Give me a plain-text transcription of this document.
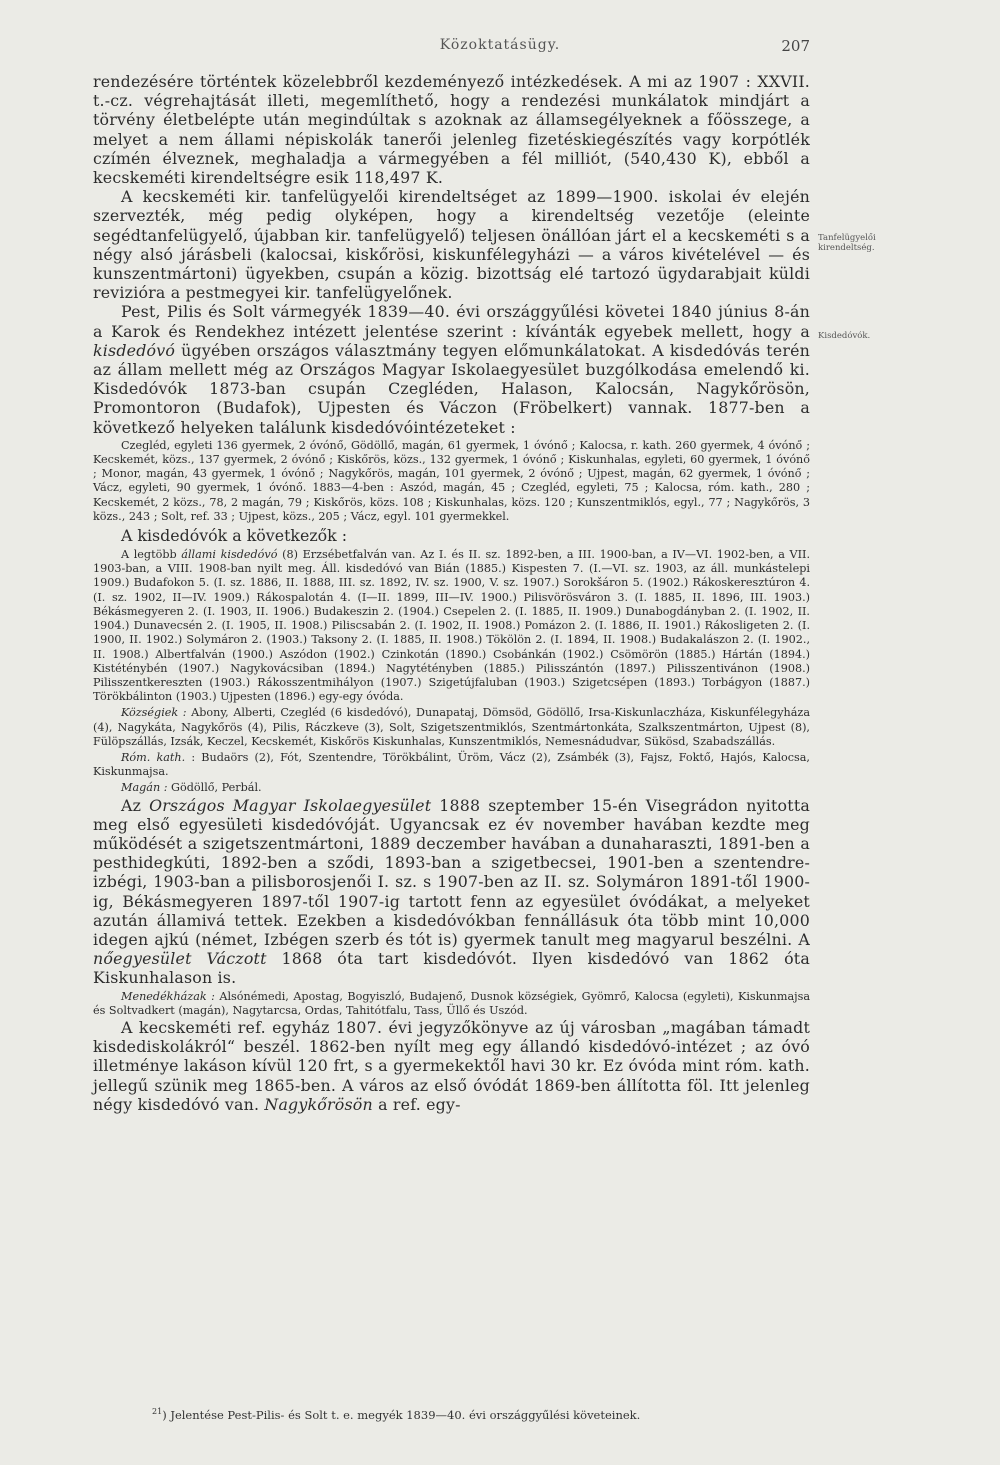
Közoktatásügy.	207
Tanfelügyelői kirendeltség.
Kisdedóvók.

rendezésére történtek közelebbről kezdeményező intézkedések. A mi az 1907 : XXVII. t.-cz. végrehajtását illeti, megemlíthető, hogy a rendezési munkálatok mindjárt a törvény életbelépte után megindúltak s azoknak az államsegélyeknek a főösszege, a melyet a nem állami népiskolák tanerői jelenleg fizetéskiegészítés vagy korpótlék czímén élveznek, meghaladja a vármegyében a fél milliót, (540,430 K), ebből a kecskeméti kirendeltségre esik 118,497 K.

A kecskeméti kir. tanfelügyelői kirendeltséget az 1899—1900. iskolai év elején szervezték, még pedig olyképen, hogy a kirendeltség vezetője (eleinte segédtanfelügyelő, újabban kir. tanfelügyelő) teljesen önállóan járt el a kecskeméti s a négy alsó járásbeli (kalocsai, kiskőrösi, kiskunfélegyházi — a város kivételével — és kunszentmártoni) ügyekben, csupán a közig. bizottság elé tartozó ügydarabjait küldi revizióra a pestmegyei kir. tanfelügyelőnek.

Pest, Pilis és Solt vármegyék 1839—40. évi országgyűlési követei 1840 június 8-án a Karok és Rendekhez intézett jelentése szerint : kívánták egyebek mellett, hogy a kisdedóvó ügyében országos választmány tegyen előmunkálatokat. A kisdedóvás terén az állam mellett még az Országos Magyar Iskolaegyesület buzgólkodása emelendő ki. Kisdedóvók 1873-ban csupán Czegléden, Halason, Kalocsán, Nagykőrösön, Promontoron (Budafok), Ujpesten és Váczon (Fröbelkert) vannak. 1877-ben a következő helyeken találunk kisdedóvóintézeteket :

Czegléd, egyleti 136 gyermek, 2 óvónő, Gödöllő, magán, 61 gyermek, 1 óvónő ; Kalocsa, r. kath. 260 gyermek, 4 óvónő ; Kecskemét, közs., 137 gyermek, 2 óvónő ; Kiskőrös, közs., 132 gyermek, 1 óvónő ; Kiskunhalas, egyleti, 60 gyermek, 1 óvónő ; Monor, magán, 43 gyermek, 1 óvónő ; Nagykőrös, magán, 101 gyermek, 2 óvónő ; Ujpest, magán, 62 gyermek, 1 óvónő ; Vácz, egyleti, 90 gyermek, 1 óvónő. 1883—4-ben : Aszód, magán, 45 ; Czegléd, egyleti, 75 ; Kalocsa, róm. kath., 280 ; Kecskemét, 2 közs., 78, 2 magán, 79 ; Kiskőrös, közs. 108 ; Kiskunhalas, közs. 120 ; Kunszentmiklós, egyl., 77 ; Nagykőrös, 3 közs., 243 ; Solt, ref. 33 ; Ujpest, közs., 205 ; Vácz, egyl. 101 gyermekkel.

A kisdedóvók a következők :

A legtöbb állami kisdedóvó (8) Erzsébetfalván van. Az I. és II. sz. 1892-ben, a III. 1900-ban, a IV—VI. 1902-ben, a VII. 1903-ban, a VIII. 1908-ban nyilt meg. Áll. kisdedóvó van Bián (1885.) Kispesten 7. (I.—VI. sz. 1903, az áll. munkástelepi 1909.) Budafokon 5. (I. sz. 1886, II. 1888, III. sz. 1892, IV. sz. 1900, V. sz. 1907.) Sorokšáron 5. (1902.) Rákoskeresztúron 4. (I. sz. 1902, II—IV. 1909.) Rákospalotán 4. (I—II. 1899, III—IV. 1900.) Pilisvörösváron 3. (I. 1885, II. 1896, III. 1903.) Békásmegyeren 2. (I. 1903, II. 1906.) Budakeszin 2. (1904.) Csepelen 2. (I. 1885, II. 1909.) Dunabogdányban 2. (I. 1902, II. 1904.) Dunavecsén 2. (I. 1905, II. 1908.) Piliscsabán 2. (I. 1902, II. 1908.) Pomázon 2. (I. 1886, II. 1901.) Rákosligeten 2. (I. 1900, II. 1902.) Solymáron 2. (1903.) Taksony 2. (I. 1885, II. 1908.) Tökölön 2. (I. 1894, II. 1908.) Budakalászon 2. (I. 1902., II. 1908.) Albertfalván (1900.) Aszódon (1902.) Czinkotán (1890.) Csobánkán (1902.) Csömörön (1885.) Hártán (1894.) Kistéténybén (1907.) Nagykovácsiban (1894.) Nagytétényben (1885.) Pilisszántón (1897.) Pilisszentivánon (1908.) Pilisszentkereszten (1903.) Rákosszentmihályon (1907.) Szigetújfaluban (1903.) Szigetcsépen (1893.) Torbágyon (1887.) Törökbálinton (1903.) Ujpesten (1896.) egy-egy óvóda.

Községiek : Abony, Alberti, Czegléd (6 kisdedóvó), Dunapataj, Dömsöd, Gödöllő, Irsa-Kiskunlaczháza, Kiskunfélegyháza (4), Nagykáta, Nagykőrös (4), Pilis, Ráczkeve (3), Solt, Szigetszentmiklós, Szentmártonkáta, Szalkszentmárton, Ujpest (8), Fülöpszállás, Izsák, Keczel, Kecskemét, Kiskőrös Kiskunhalas, Kunszentmiklós, Nemesnádudvar, Sükösd, Szabadszállás.

Róm. kath. : Budaörs (2), Fót, Szentendre, Törökbálint, Üröm, Vácz (2), Zsámbék (3), Fajsz, Foktő, Hajós, Kalocsa, Kiskunmajsa.

Magán : Gödöllő, Perbál.

Az Országos Magyar Iskolaegyesület 1888 szeptember 15-én Visegrádon nyitotta meg első egyesületi kisdedóvóját. Ugyancsak ez év november havában kezdte meg működését a szigetszentmártoni, 1889 deczember havában a dunaharaszti, 1891-ben a pesthidegkúti, 1892-ben a sződi, 1893-ban a szigetbecsei, 1901-ben a szentendre-izbégi, 1903-ban a pilisborosjenői I. sz. s 1907-ben az II. sz. Solymáron 1891-től 1900-ig, Békásmegyeren 1897-től 1907-ig tartott fenn az egyesület óvódákat, a melyeket azután államivá tettek. Ezekben a kisdedóvókban fennállásuk óta több mint 10,000 idegen ajkú (német, Izbégen szerb és tót is) gyermek tanult meg magyarul beszélni. A nőegyesület Váczott 1868 óta tart kisdedóvót. Ilyen kisdedóvó van 1862 óta Kiskunhalason is.

Menedékházak : Alsónémedi, Apostag, Bogyiszló, Budajenő, Dusnok községiek, Gyömrő, Kalocsa (egyleti), Kiskunmajsa és Soltvadkert (magán), Nagytarcsa, Ordas, Tahitótfalu, Tass, Üllő és Uszód.

A kecskeméti ref. egyház 1807. évi jegyzőkönyve az új városban „magában támadt kisdediskolákról“ beszél. 1862-ben nyílt meg egy állandó kisdedóvó-intézet ; az óvó illetménye lakáson kívül 120 frt, s a gyermekektől havi 30 kr. Ez óvóda mint róm. kath. jellegű szünik meg 1865-ben. A város az első óvódát 1869-ben állította föl. Itt jelenleg négy kisdedóvó van. Nagykőrösön a ref. egy-

$^{21}$) Jelentése Pest-Pilis- és Solt t. e. megyék 1839—40. évi országgyűlési követeinek.
